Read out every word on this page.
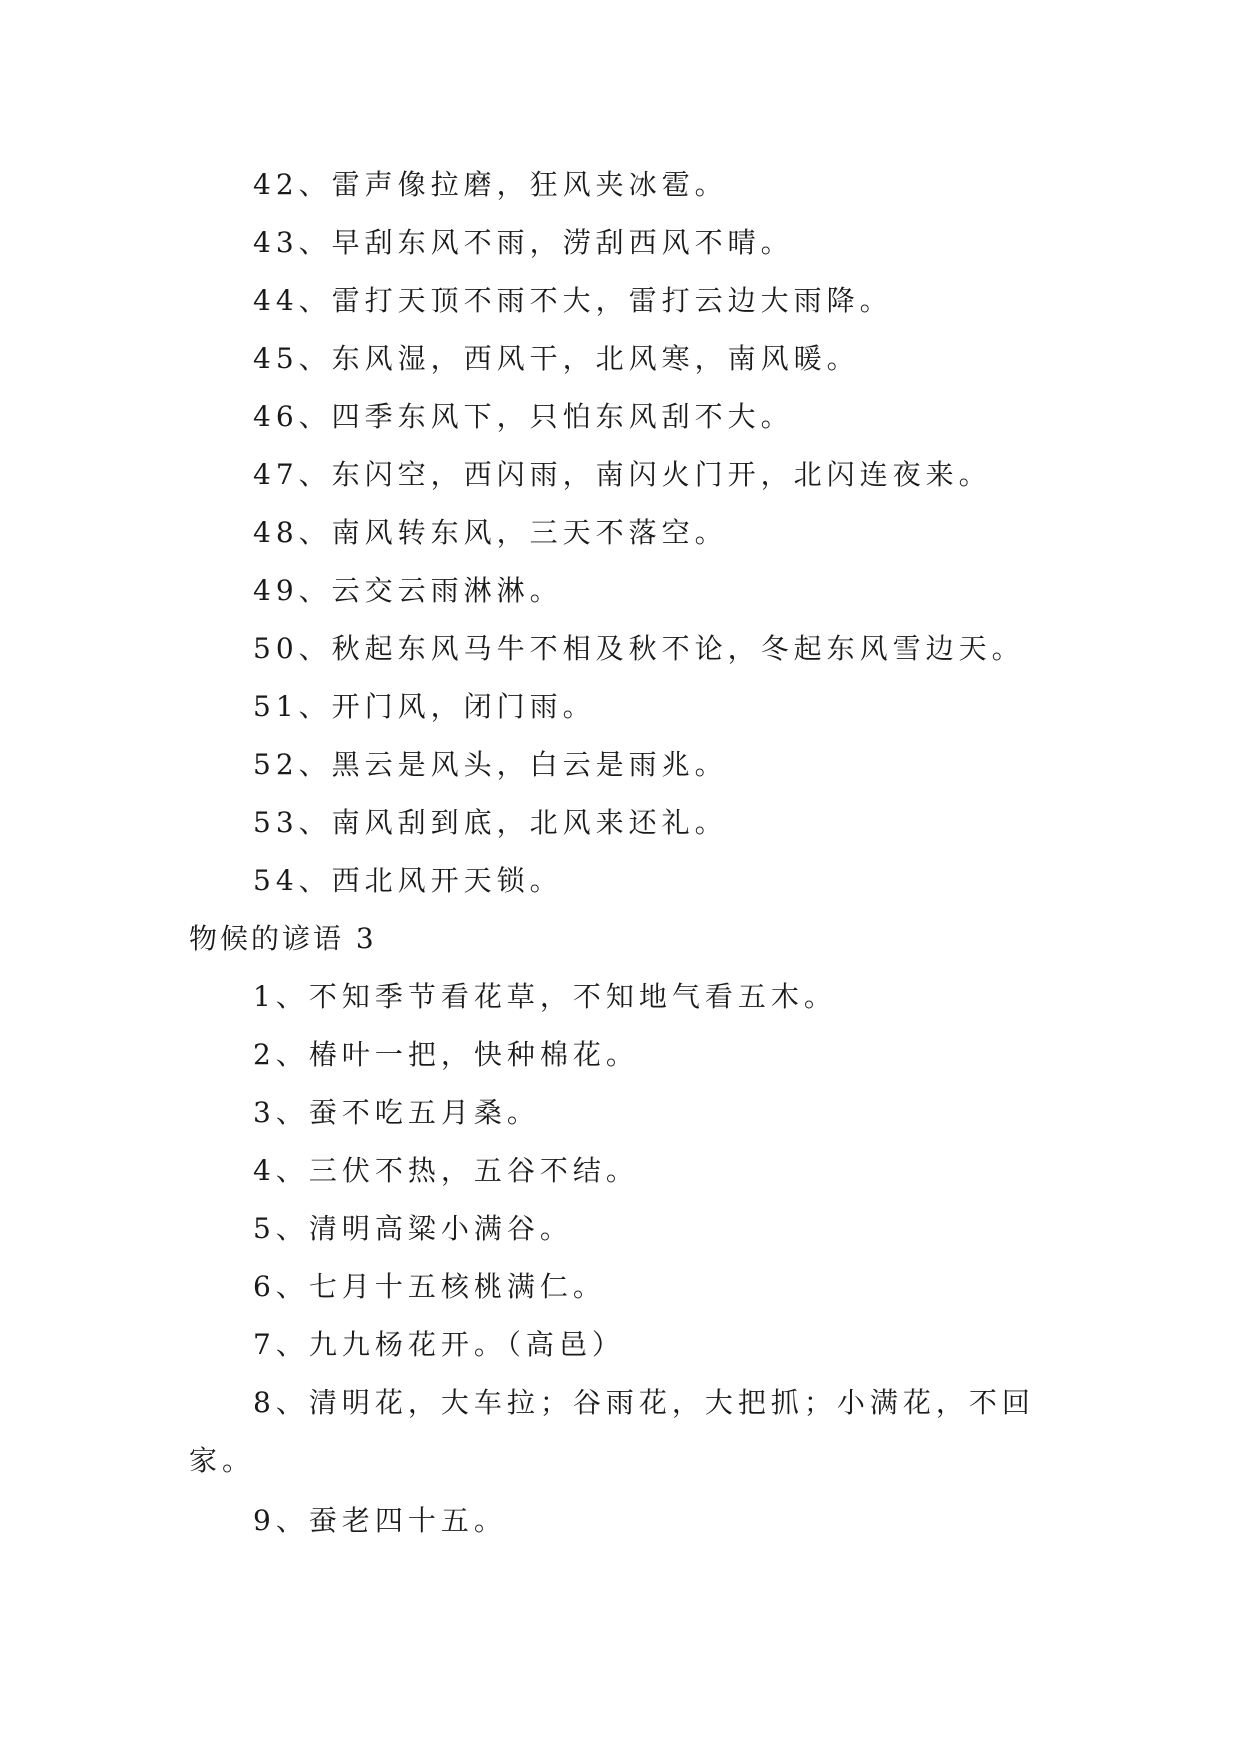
42、雷声像拉磨，狂风夹冰雹。
43、早刮东风不雨，涝刮西风不晴。
44、雷打天顶不雨不大，雷打云边大雨降。
45、东风湿，西风干，北风寒，南风暖。
46、四季东风下，只怕东风刮不大。
47、东闪空，西闪雨，南闪火门开，北闪连夜来。
48、南风转东风，三天不落空。
49、云交云雨淋淋。
50、秋起东风马牛不相及秋不论，冬起东风雪边天。
51、开门风，闭门雨。
52、黑云是风头，白云是雨兆。
53、南风刮到底，北风来还礼。
54、西北风开天锁。
物候的谚语 3
1、不知季节看花草，不知地气看五木。
2、椿叶一把，快种棉花。
3、蚕不吃五月桑。
4、三伏不热，五谷不结。
5、清明高粱小满谷。
6、七月十五核桃满仁。
7、九九杨花开。（高邑）
8、清明花，大车拉；谷雨花，大把抓；小满花，不回
家。
9、蚕老四十五。
